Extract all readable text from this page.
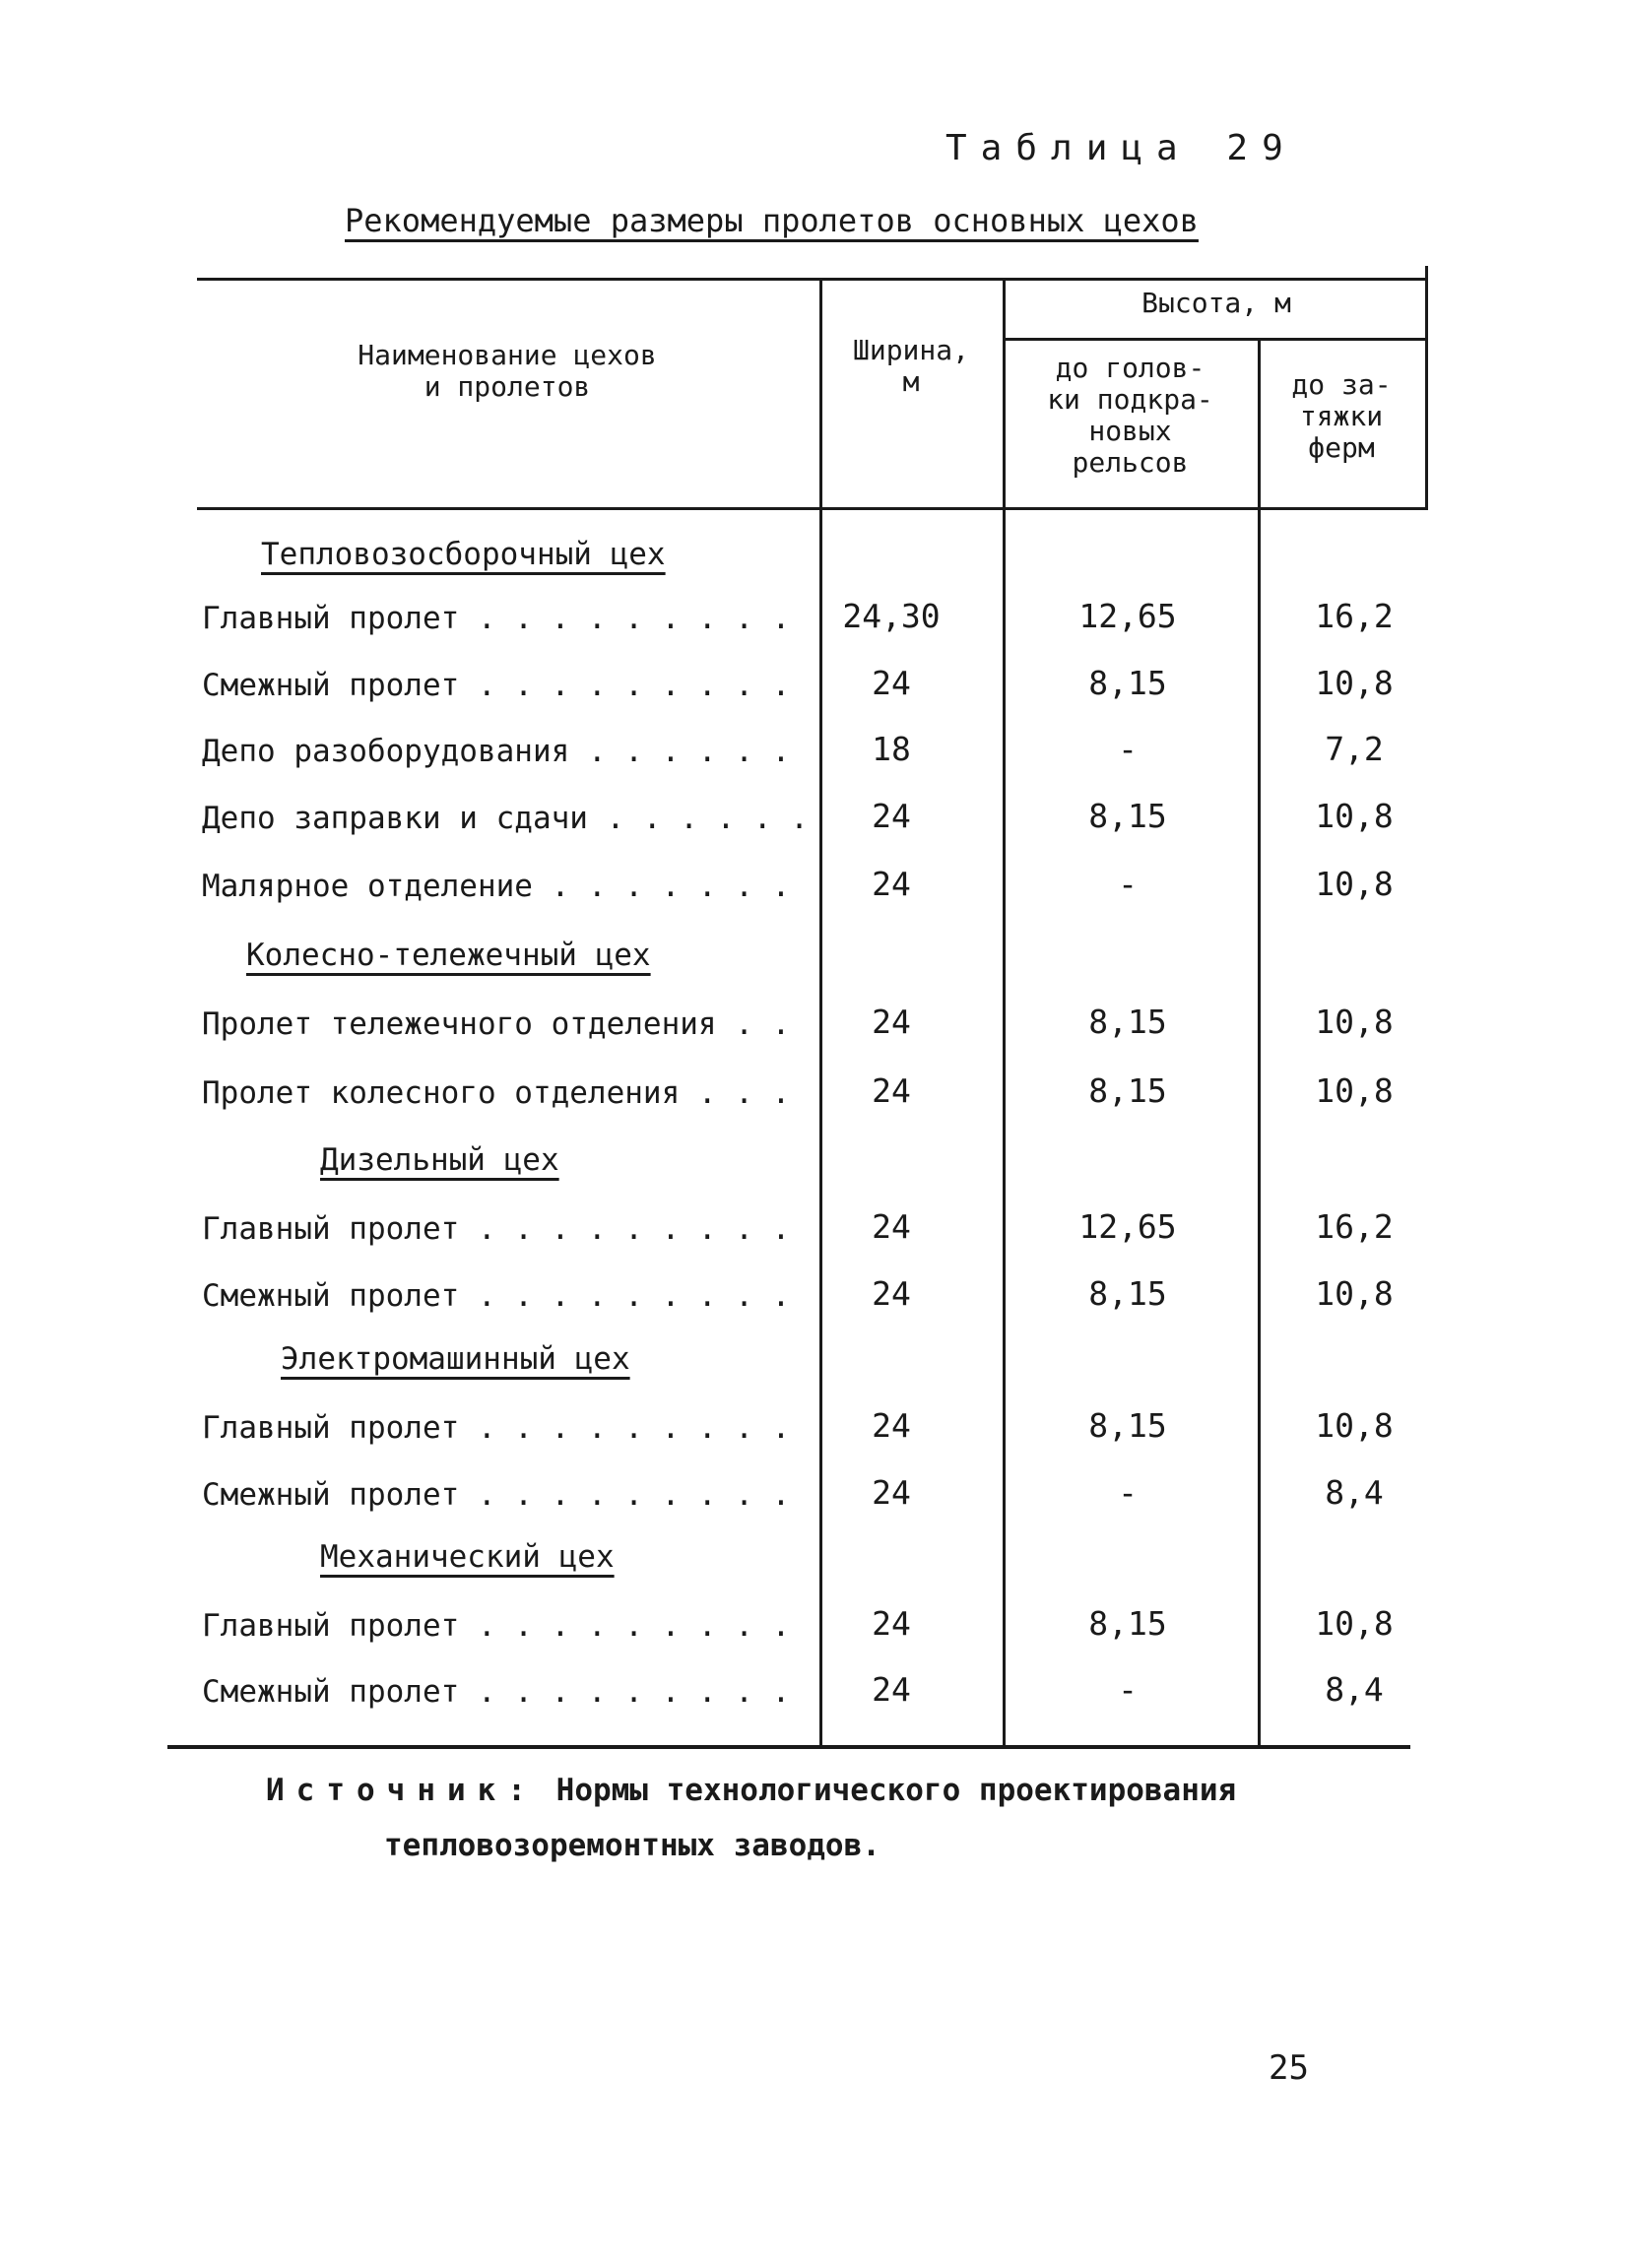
Таблица 29
Рекомендуемые размеры пролетов основных цехов
Наименование цехов
и пролетов
Ширина,
м
Высота, м
до голов-
ки подкра-
новых
рельсов
до за-
тяжки
ферм
Тепловозосборочный цех
Главный пролет . . .	24,30	12,65	16,2
Смежный пролет . . .	24	8,15	10,8
Депо разоборудования . . .	18	-	7,2
Депо заправки и сдачи . . .	24	8,15	10,8
Малярное отделение . . .	24	-	10,8
Колесно-тележечный цех
Пролет тележечного отделения . . .	24	8,15	10,8
Пролет колесного отделения . . .	24	8,15	10,8
Дизельный цех
Главный пролет . . .	24	12,65	16,2
Смежный пролет . . .	24	8,15	10,8
Электромашинный цех
Главный пролет . . .	24	8,15	10,8
Смежный пролет . . .	24	-	8,4
Механический цех
Главный пролет . . .	24	8,15	10,8
Смежный пролет . . .	24	-	8,4
Источник: Нормы технологического проектирования
тепловозоремонтных заводов.
25
